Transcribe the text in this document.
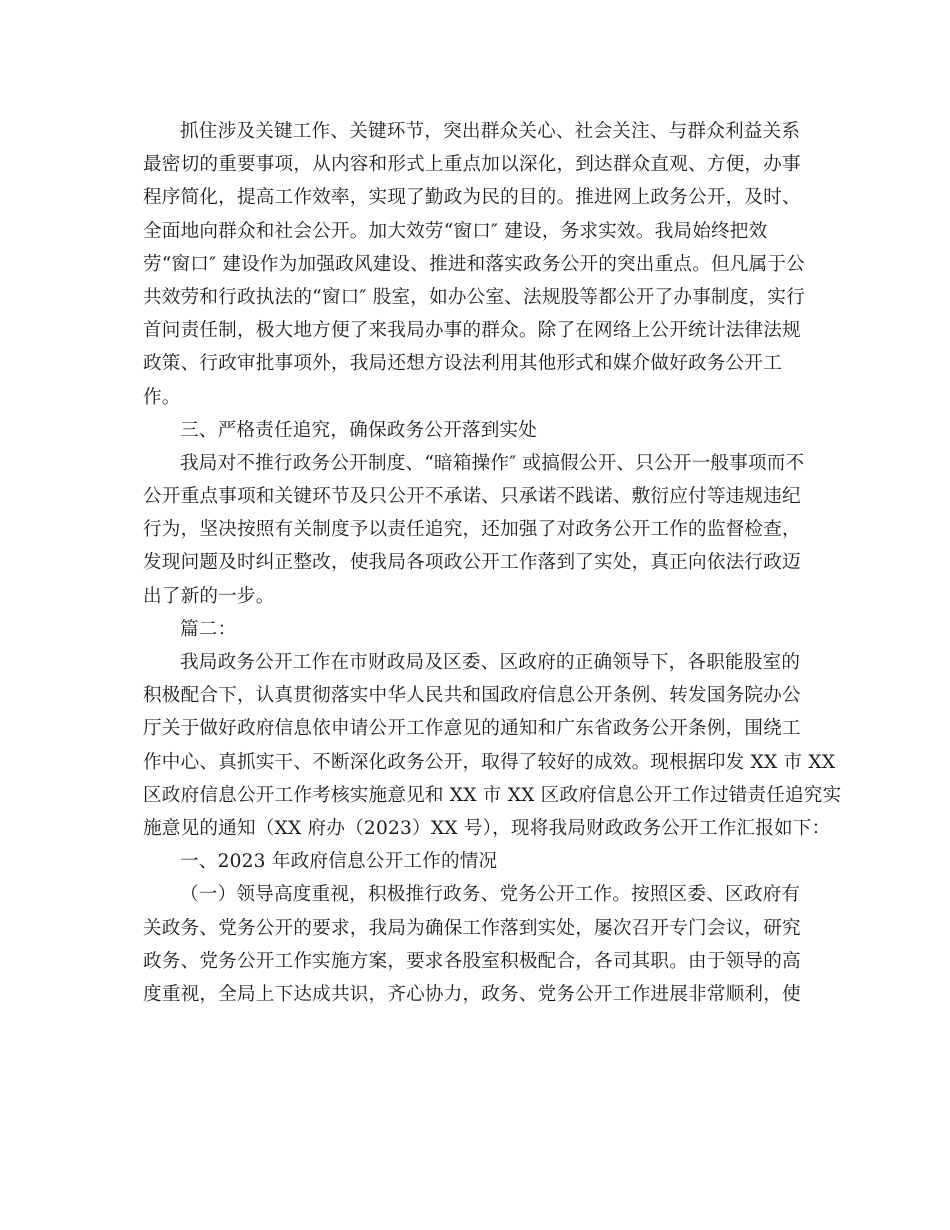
抓住涉及关键工作、关键环节，突出群众关心、社会关注、与群众利益关系
最密切的重要事项，从内容和形式上重点加以深化，到达群众直观、方便，办事
程序简化，提高工作效率，实现了勤政为民的目的。推进网上政务公开，及时、
全面地向群众和社会公开。加大效劳“窗口″ 建设，务求实效。我局始终把效
劳“窗口″ 建设作为加强政风建设、推进和落实政务公开的突出重点。但凡属于公
共效劳和行政执法的“窗口″ 股室，如办公室、法规股等都公开了办事制度，实行
首问责任制，极大地方便了来我局办事的群众。除了在网络上公开统计法律法规
政策、行政审批事项外，我局还想方设法利用其他形式和媒介做好政务公开工
作。
三、严格责任追究，确保政务公开落到实处
我局对不推行政务公开制度、“暗箱操作″ 或搞假公开、只公开一般事项而不
公开重点事项和关键环节及只公开不承诺、只承诺不践诺、敷衍应付等违规违纪
行为，坚决按照有关制度予以责任追究，还加强了对政务公开工作的监督检查，
发现问题及时纠正整改，使我局各项政公开工作落到了实处，真正向依法行政迈
出了新的一步。
篇二：
我局政务公开工作在市财政局及区委、区政府的正确领导下，各职能股室的
积极配合下，认真贯彻落实中华人民共和国政府信息公开条例、转发国务院办公
厅关于做好政府信息依申请公开工作意见的通知和广东省政务公开条例，围绕工
作中心、真抓实干、不断深化政务公开，取得了较好的成效。现根据印发 XX 市 XX
区政府信息公开工作考核实施意见和 XX 市 XX 区政府信息公开工作过错责任追究实
施意见的通知（XX 府办（2023）XX 号），现将我局财政政务公开工作汇报如下：
一、2023 年政府信息公开工作的情况
（一）领导高度重视，积极推行政务、党务公开工作。按照区委、区政府有
关政务、党务公开的要求，我局为确保工作落到实处，屡次召开专门会议，研究
政务、党务公开工作实施方案，要求各股室积极配合，各司其职。由于领导的高
度重视，全局上下达成共识，齐心协力，政务、党务公开工作进展非常顺利，使
